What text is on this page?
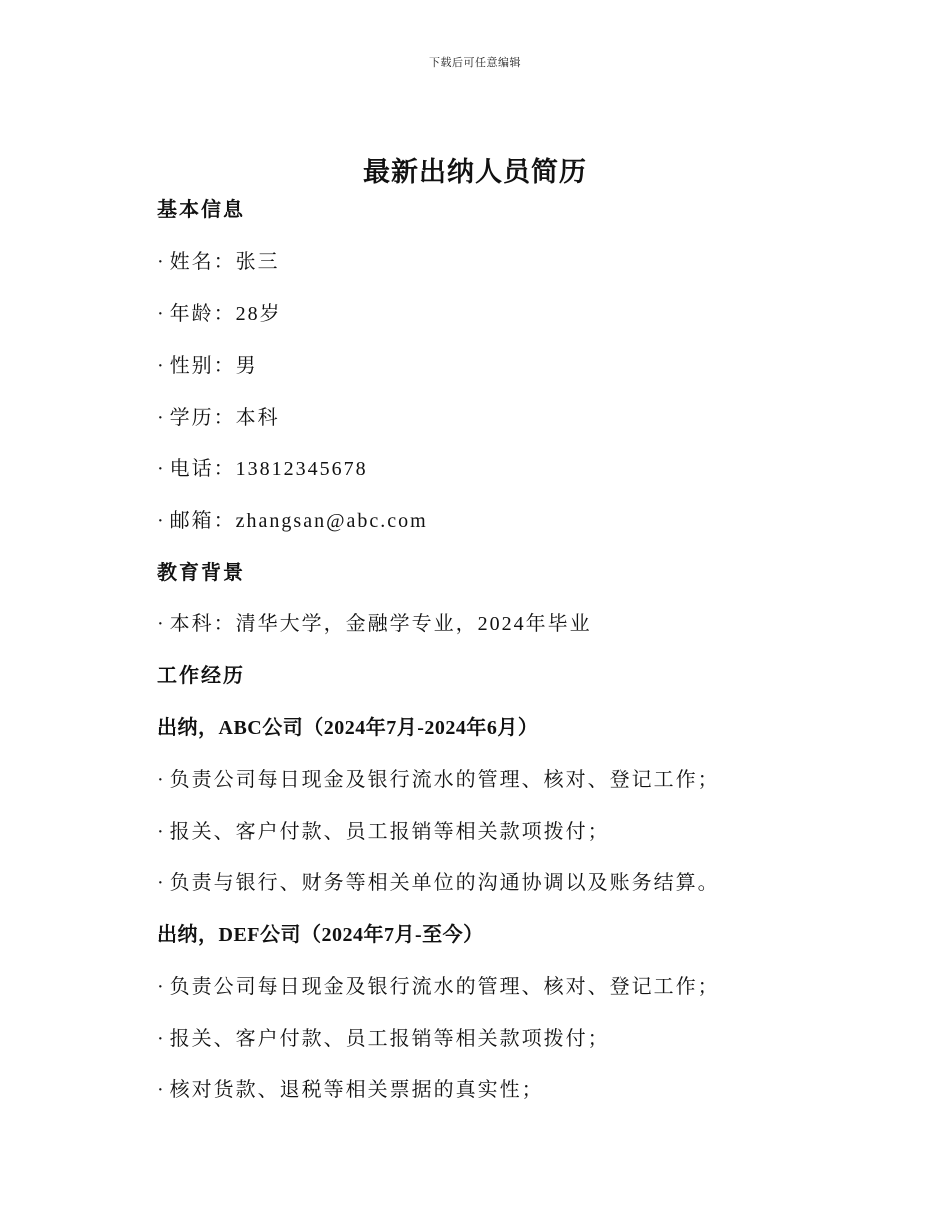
下载后可任意编辑
最新出纳人员简历
基本信息
· 姓名：张三
· 年龄：28岁
· 性别：男
· 学历：本科
· 电话：13812345678
· 邮箱：zhangsan@abc.com
教育背景
· 本科：清华大学，金融学专业，2024年毕业
工作经历
出纳，ABC公司（2024年7月-2024年6月）
· 负责公司每日现金及银行流水的管理、核对、登记工作；
· 报关、客户付款、员工报销等相关款项拨付；
· 负责与银行、财务等相关单位的沟通协调以及账务结算。
出纳，DEF公司（2024年7月-至今）
· 负责公司每日现金及银行流水的管理、核对、登记工作；
· 报关、客户付款、员工报销等相关款项拨付；
· 核对货款、退税等相关票据的真实性；
